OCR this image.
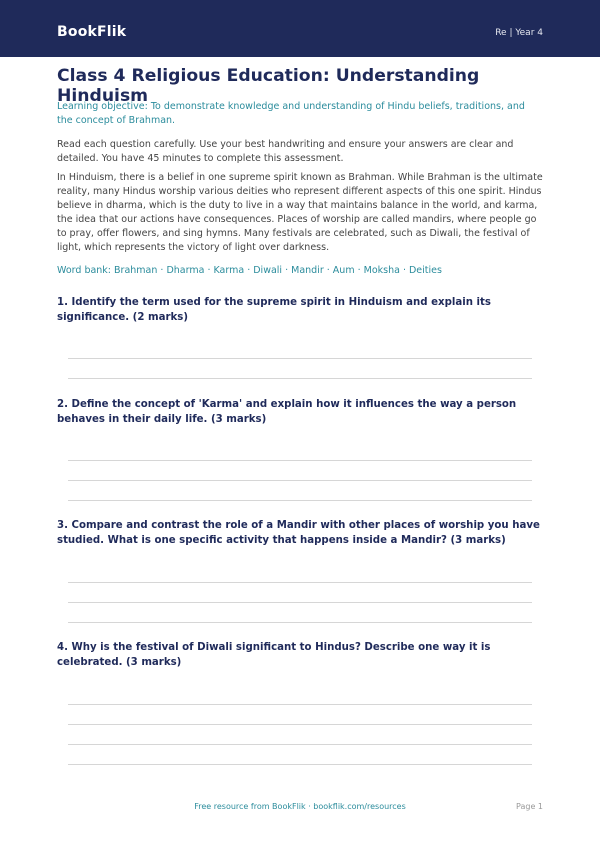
BookFlik	Re | Year 4
Class 4 Religious Education: Understanding Hinduism
Learning objective: To demonstrate knowledge and understanding of Hindu beliefs, traditions, and the concept of Brahman.
Read each question carefully. Use your best handwriting and ensure your answers are clear and detailed. You have 45 minutes to complete this assessment.
In Hinduism, there is a belief in one supreme spirit known as Brahman. While Brahman is the ultimate reality, many Hindus worship various deities who represent different aspects of this one spirit. Hindus believe in dharma, which is the duty to live in a way that maintains balance in the world, and karma, the idea that our actions have consequences. Places of worship are called mandirs, where people go to pray, offer flowers, and sing hymns. Many festivals are celebrated, such as Diwali, the festival of light, which represents the victory of light over darkness.
Word bank: Brahman · Dharma · Karma · Diwali · Mandir · Aum · Moksha · Deities
1. Identify the term used for the supreme spirit in Hinduism and explain its significance. (2 marks)
2. Define the concept of 'Karma' and explain how it influences the way a person behaves in their daily life. (3 marks)
3. Compare and contrast the role of a Mandir with other places of worship you have studied. What is one specific activity that happens inside a Mandir? (3 marks)
4. Why is the festival of Diwali significant to Hindus? Describe one way it is celebrated. (3 marks)
Free resource from BookFlik · bookflik.com/resources	Page 1
